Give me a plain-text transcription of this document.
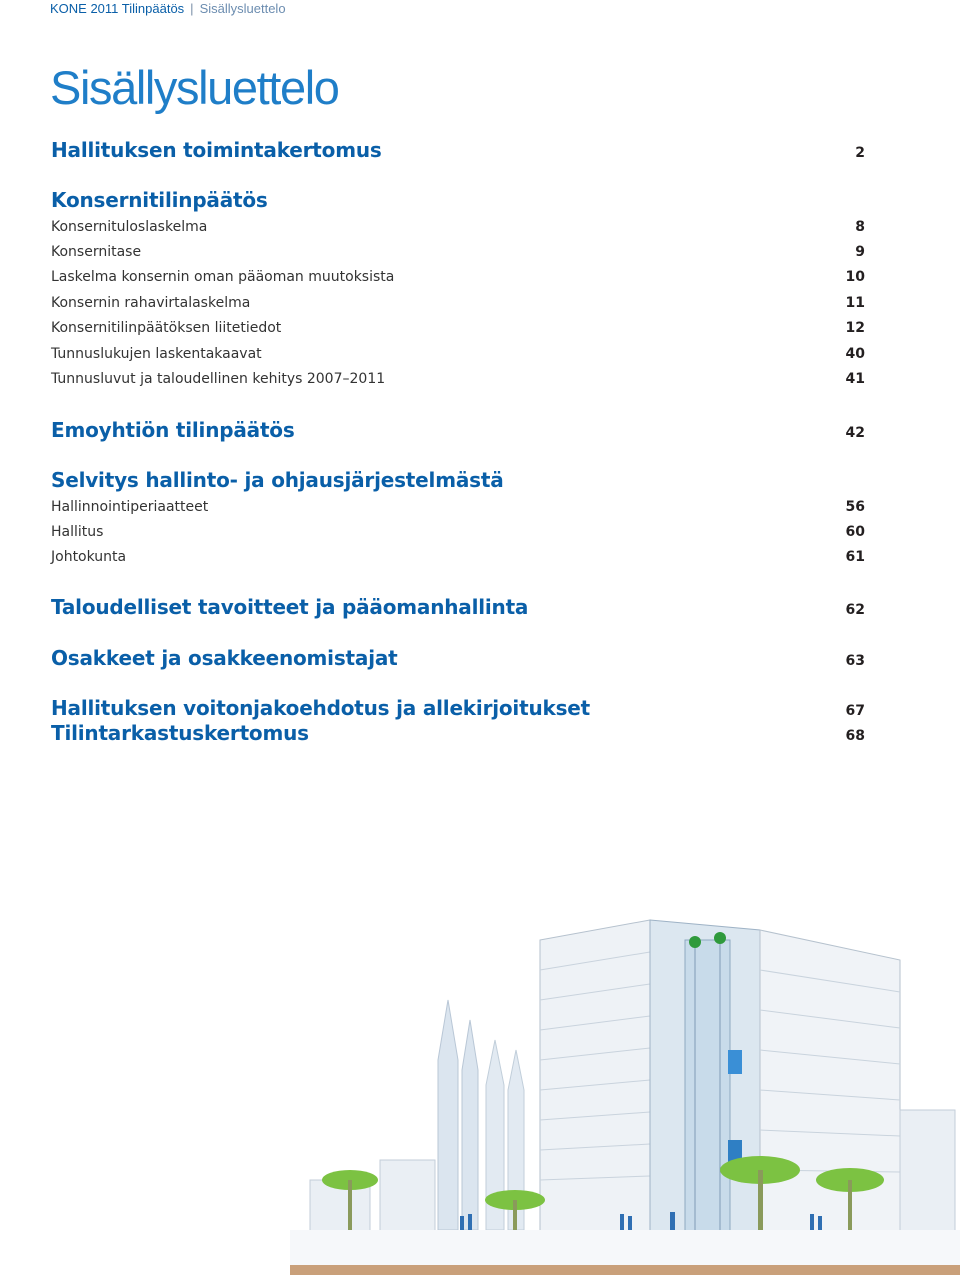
KONE 2011 Tilinpäätös | Sisällysluettelo
Sisällysluettelo
Hallituksen toimintakertomus	2
Konsernitilinpäätös
Konsernituloslaskelma	8
Konsernitase	9
Laskelma konsernin oman pääoman muutoksista	10
Konsernin rahavirtalaskelma	11
Konsernitilinpäätöksen liitetiedot	12
Tunnuslukujen laskentakaavat	40
Tunnusluvut ja taloudellinen kehitys 2007–2011	41
Emoyhtiön tilinpäätös	42
Selvitys hallinto- ja ohjausjärjestelmästä
Hallinnointiperiaatteet	56
Hallitus	60
Johtokunta	61
Taloudelliset tavoitteet ja pääomanhallinta	62
Osakkeet ja osakkeenomistajat	63
Hallituksen voitonjakoehdotus ja allekirjoitukset	67
Tilintarkastuskertomus	68
